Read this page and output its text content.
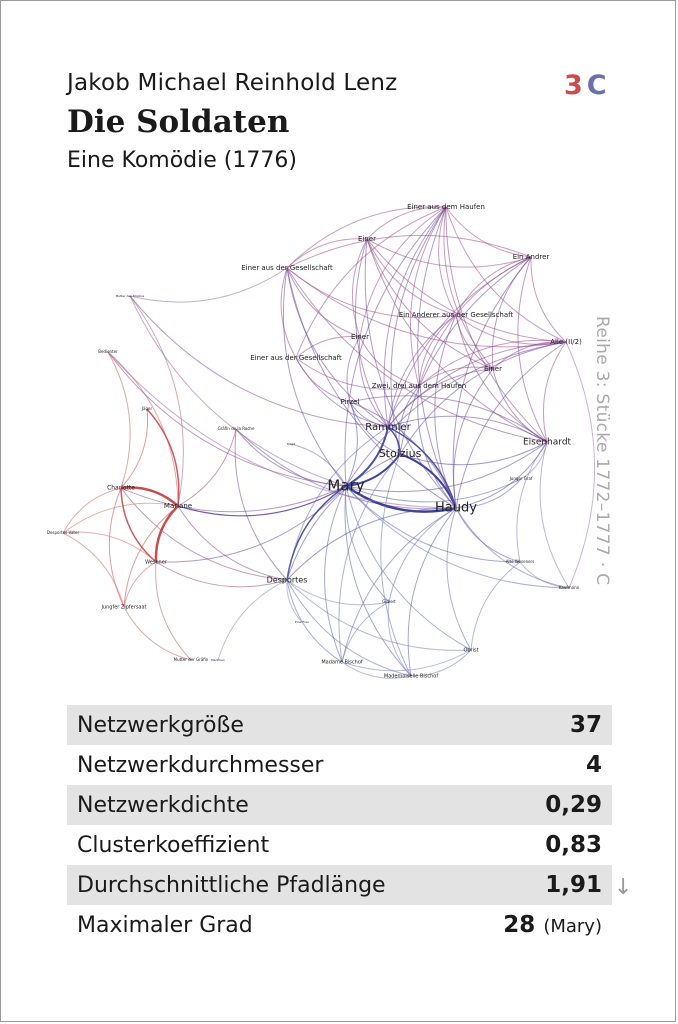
Jakob Michael Reinhold Lenz
Die Soldaten
Eine Komödie (1776)
3 C
Reihe 3: Stücke 1772–1777 · C
Mary
Haudy
Stolzius
Rammler
Eisenhardt
Desportes
Mariane
Charlotte
Pirzel
Einer aus dem Haufen
Einer
Ein Andrer
Einer aus der Gesellschaft
Ein Anderer aus der Gesellschaft
Alle (II/2)
Einer
Einer aus der Gesellschaft
Einer
Zwei, drei aus dem Haufen
Wesener
Jungfer Zipfersaat
Gräfin de la Roche
Bedienter
Madame Bischof
Mademoiselle Bischof
Gilbert
Obrist
Alte Weseners
Junger Graf
Kaufmann
Jäger
Mutter des Stolzius
Mutter der Gräfin
Desportes Vater
Magd
Eine Frau
Mädchen
Netzwerkgröße	37
Netzwerkdurchmesser	4
Netzwerkdichte	0,29
Clusterkoeffizient	0,83
Durchschnittliche Pfadlänge	1,91
Maximaler Grad	28 (Mary)
↓
